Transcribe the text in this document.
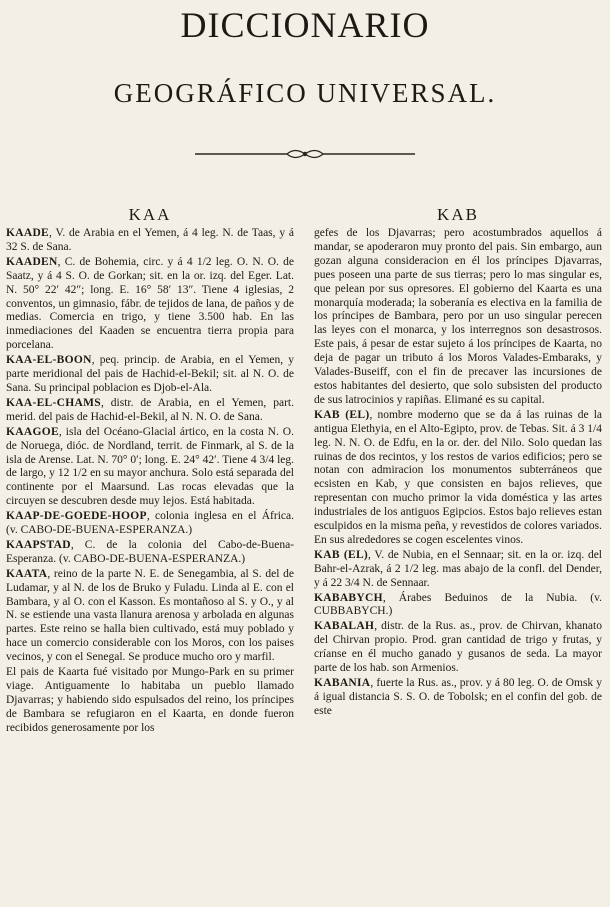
DICCIONARIO
GEOGRÁFICO UNIVERSAL.
KAA

KAADE, V. de Arabia en el Yemen, á 4 leg. N. de Taas, y á 32 S. de Sana.

KAADEN, C. de Bohemia, circ. y á 4 1/2 leg. O. N. O. de Saatz, y á 4 S. O. de Gorkan; sit. en la or. izq. del Eger. Lat. N. 50° 22′ 42″; long. E. 16° 58′ 13″. Tiene 4 iglesias, 2 conventos, un gimnasio, fábr. de tejidos de lana, de paños y de medias. Comercia en trigo, y tiene 3.500 hab. En las inmediaciones del Kaaden se encuentra tierra propia para porcelana.

KAA-EL-BOON, peq. princip. de Arabia, en el Yemen, y parte meridional del pais de Hachid-el-Bekil; sit. al N. O. de Sana. Su principal poblacion es Djob-el-Ala.

KAA-EL-CHAMS, distr. de Arabia, en el Yemen, part. merid. del pais de Hachid-el-Bekil, al N. N. O. de Sana.

KAAGOE, isla del Océano-Glacial ártico, en la costa N. O. de Noruega, dióc. de Nordland, territ. de Finmark, al S. de la isla de Arense. Lat. N. 70° 0′; long. E. 24° 42′. Tiene 4 3/4 leg. de largo, y 12 1/2 en su mayor anchura. Solo está separada del continente por el Maarsund. Las rocas elevadas que la circuyen se descubren desde muy lejos. Está habitada.

KAAP-DE-GOEDE-HOOP, colonia inglesa en el África. (v. CABO-DE-BUENA-ESPERANZA.)

KAAPSTAD, C. de la colonia del Cabo-de-Buena-Esperanza. (v. CABO-DE-BUENA-ESPERANZA.)

KAATA, reino de la parte N. E. de Senegambia, al S. del de Ludamar, y al N. de los de Bruko y Fuladu. Linda al E. con el Bambara, y al O. con el Kasson. Es montañoso al S. y O., y al N. se estiende una vasta llanura arenosa y arbolada en algunas partes. Este reino se halla bien cultivado, está muy poblado y hace un comercio considerable con los Moros, con los paises vecinos, y con el Senegal. Se produce mucho oro y marfil.

El pais de Kaarta fué visitado por Mungo-Park en su primer viage. Antiguamente lo habitaba un pueblo llamado Djavarras; y habiendo sido espulsados del reino, los príncipes de Bambara se refugiaron en el Kaarta, en donde fueron recibidos generosamente por los

KAB

gefes de los Djavarras; pero acostumbrados aquellos á mandar, se apoderaron muy pronto del pais. Sin embargo, aun gozan alguna consideracion en él los príncipes Djavarras, pues poseen una parte de sus tierras; pero lo mas singular es, que pelean por sus opresores. El gobierno del Kaarta es una monarquía moderada; la soberanía es electiva en la familia de los príncipes de Bambara, pero por un uso singular perecen las leyes con el monarca, y los interregnos son desastrosos. Este pais, á pesar de estar sujeto á los príncipes de Kaarta, no deja de pagar un tributo á los Moros Valades-Embaraks, y Valades-Buseiff, con el fin de precaver las incursiones de estos habitantes del desierto, que solo subsisten del producto de sus latrocinios y rapiñas. Elimané es su capital.

KAB (EL), nombre moderno que se da á las ruinas de la antigua Elethyia, en el Alto-Egipto, prov. de Tebas. Sit. á 3 1/4 leg. N. N. O. de Edfu, en la or. der. del Nilo. Solo quedan las ruinas de dos recintos, y los restos de varios edificios; pero se notan con admiracion los monumentos subterráneos que ecsisten en Kab, y que consisten en bajos relieves, que representan con mucho primor la vida doméstica y las artes industriales de los antiguos Egipcios. Estos bajo relieves estan esculpidos en la misma peña, y revestidos de colores variados. En sus alrededores se cogen escelentes vinos.

KAB (EL), V. de Nubia, en el Sennaar; sit. en la or. izq. del Bahr-el-Azrak, á 2 1/2 leg. mas abajo de la confl. del Dender, y á 22 3/4 N. de Sennaar.

KABABYCH, Árabes Beduinos de la Nubia. (v. CUBBABYCH.)

KABALAH, distr. de la Rus. as., prov. de Chirvan, khanato del Chirvan propio. Prod. gran cantidad de trigo y frutas, y críanse en él mucho ganado y gusanos de seda. La mayor parte de los hab. son Armenios.

KABANIA, fuerte la Rus. as., prov. y á 80 leg. O. de Omsk y á igual distancia S. S. O. de Tobolsk; en el confin del gob. de este
